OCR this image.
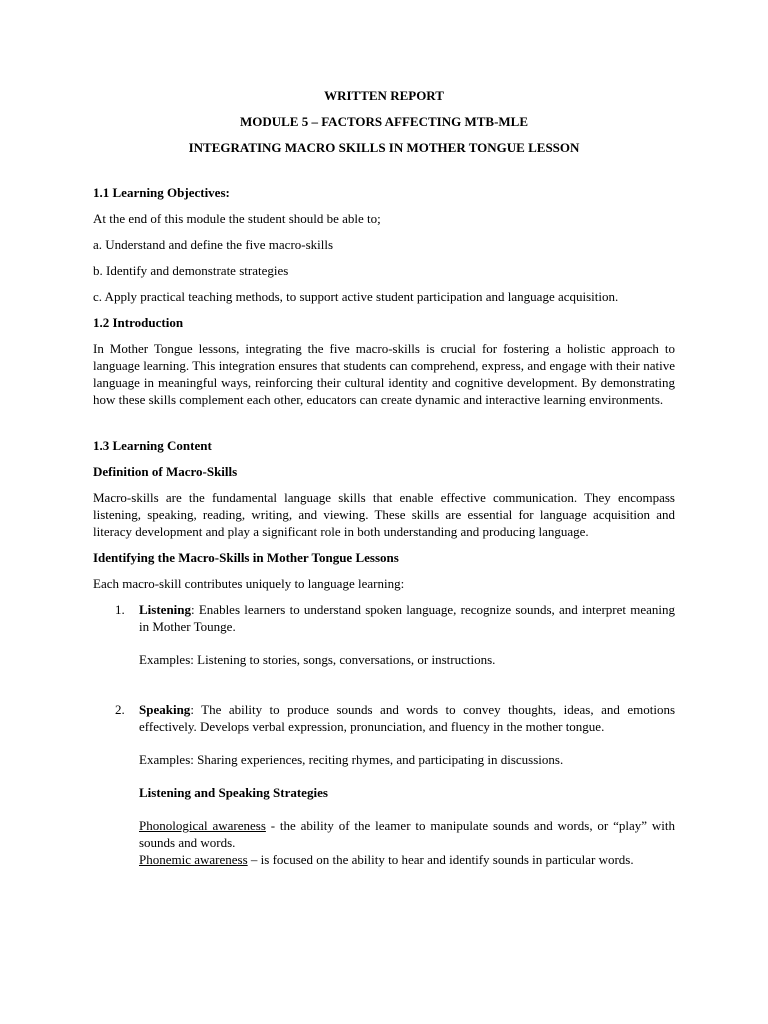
WRITTEN REPORT

MODULE 5 – FACTORS AFFECTING MTB-MLE

INTEGRATING MACRO SKILLS IN MOTHER TONGUE LESSON

1.1 Learning Objectives:

At the end of this module the student should be able to;

a. Understand and define the five macro-skills

b. Identify and demonstrate strategies

c. Apply practical teaching methods, to support active student participation and language acquisition.

1.2 Introduction

In Mother Tongue lessons, integrating the five macro-skills is crucial for fostering a holistic approach to language learning. This integration ensures that students can comprehend, express, and engage with their native language in meaningful ways, reinforcing their cultural identity and cognitive development. By demonstrating how these skills complement each other, educators can create dynamic and interactive learning environments.

1.3 Learning Content

Definition of Macro-Skills

Macro-skills are the fundamental language skills that enable effective communication. They encompass listening, speaking, reading, writing, and viewing. These skills are essential for language acquisition and literacy development and play a significant role in both understanding and producing language.

Identifying the Macro-Skills in Mother Tongue Lessons

Each macro-skill contributes uniquely to language learning:

1.	Listening: Enables learners to understand spoken language, recognize sounds, and interpret meaning in Mother Tounge.

Examples: Listening to stories, songs, conversations, or instructions.

2.	Speaking: The ability to produce sounds and words to convey thoughts, ideas, and emotions effectively. Develops verbal expression, pronunciation, and fluency in the mother tongue.

Examples: Sharing experiences, reciting rhymes, and participating in discussions.

Listening and Speaking Strategies

Phonological awareness - the ability of the leamer to manipulate sounds and words, or “play” with sounds and words.

Phonemic awareness – is focused on the ability to hear and identify sounds in particular words.
